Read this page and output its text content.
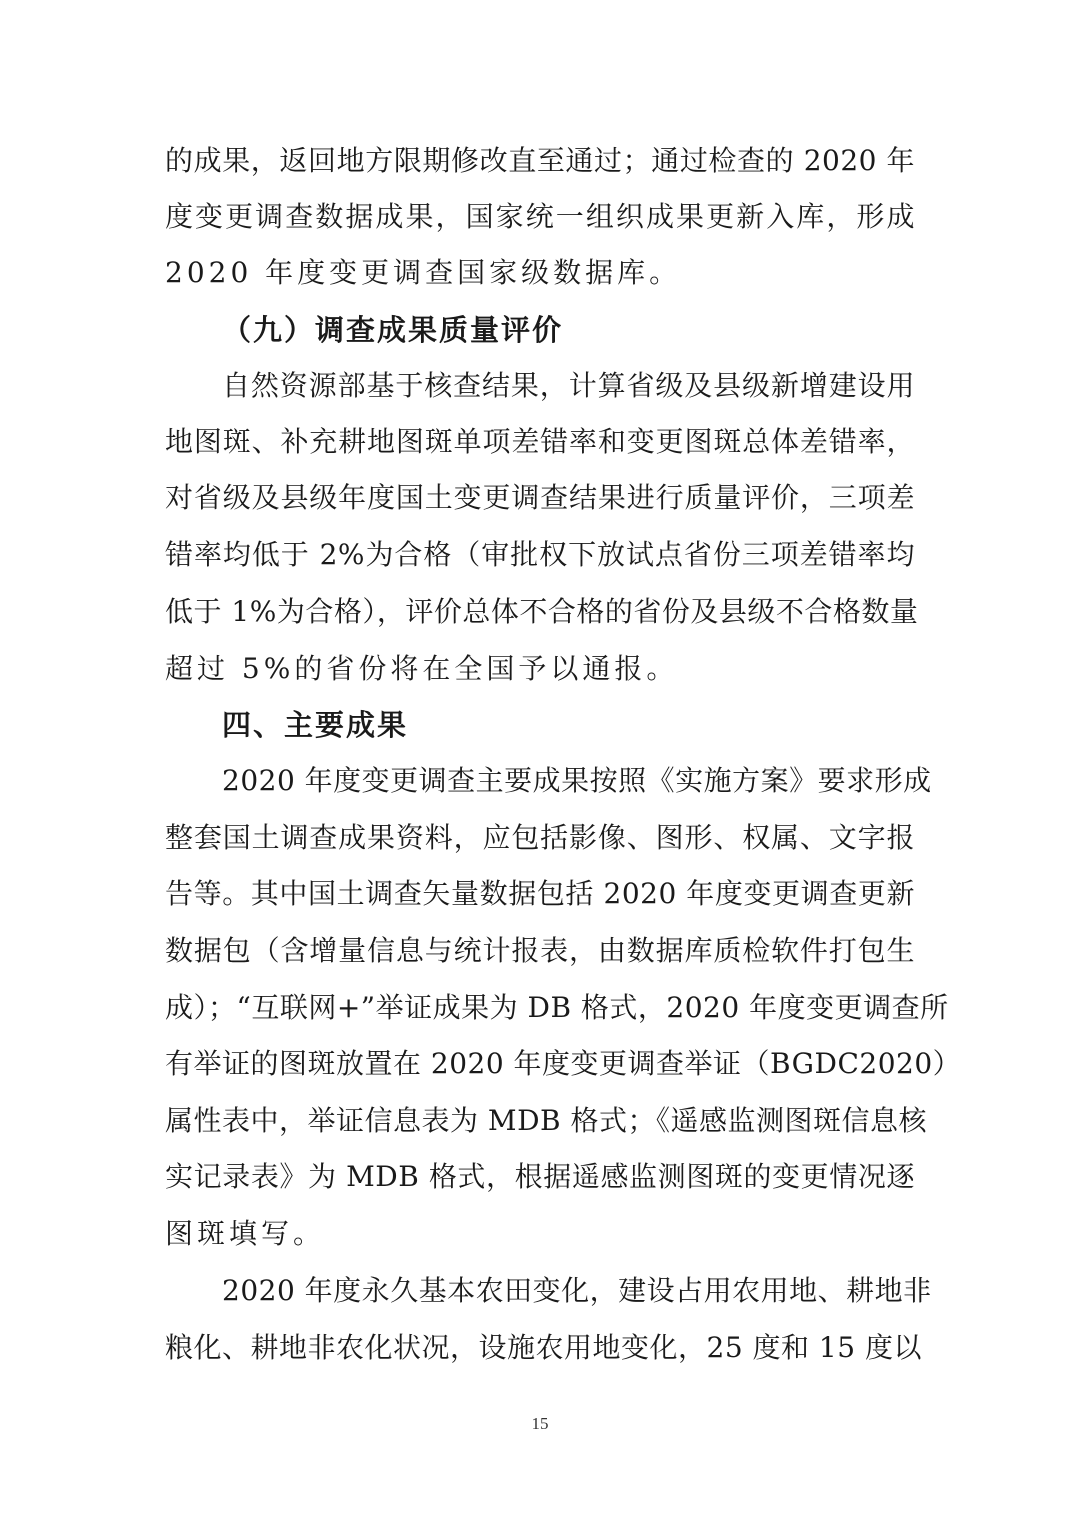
的成果，返回地方限期修改直至通过；通过检查的 2020 年
度变更调查数据成果，国家统一组织成果更新入库，形成
2020 年度变更调查国家级数据库。
（九）调查成果质量评价
自然资源部基于核查结果，计算省级及县级新增建设用
地图斑、补充耕地图斑单项差错率和变更图斑总体差错率，
对省级及县级年度国土变更调查结果进行质量评价，三项差
错率均低于 2%为合格（审批权下放试点省份三项差错率均
低于 1%为合格），评价总体不合格的省份及县级不合格数量
超过 5%的省份将在全国予以通报。
四、主要成果
2020 年度变更调查主要成果按照《实施方案》要求形成
整套国土调查成果资料，应包括影像、图形、权属、文字报
告等。其中国土调查矢量数据包括 2020 年度变更调查更新
数据包（含增量信息与统计报表，由数据库质检软件打包生
成）；“互联网+”举证成果为 DB 格式，2020 年度变更调查所
有举证的图斑放置在 2020 年度变更调查举证（BGDC2020）
属性表中，举证信息表为 MDB 格式；《遥感监测图斑信息核
实记录表》为 MDB 格式，根据遥感监测图斑的变更情况逐
图斑填写。
2020 年度永久基本农田变化，建设占用农用地、耕地非
粮化、耕地非农化状况，设施农用地变化，25 度和 15 度以
15
